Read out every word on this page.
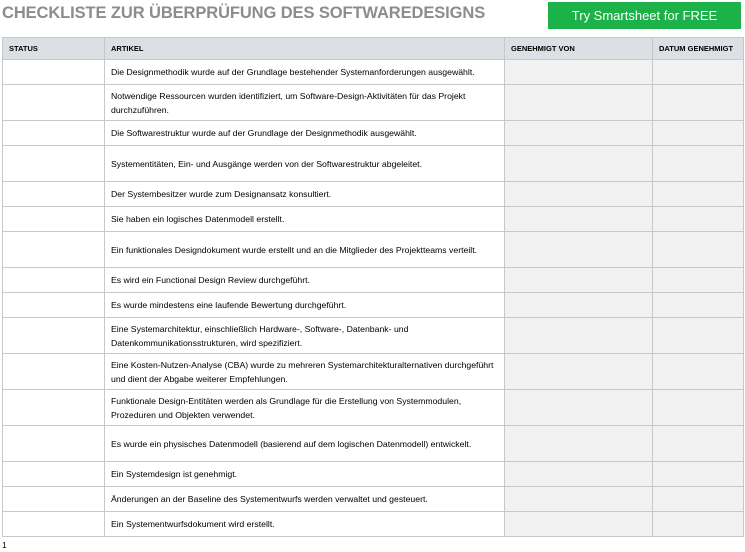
CHECKLISTE ZUR ÜBERPRÜFUNG DES SOFTWAREDESIGNS	Try Smartsheet for FREE
STATUS	ARTIKEL	GENEHMIGT VON	DATUM GENEHMIGT
	Die Designmethodik wurde auf der Grundlage bestehender Systemanforderungen ausgewählt.		
	Notwendige Ressourcen wurden identifiziert, um Software-Design-Aktivitäten für das Projekt durchzuführen.		
	Die Softwarestruktur wurde auf der Grundlage der Designmethodik ausgewählt.		
	Systementitäten, Ein- und Ausgänge werden von der Softwarestruktur abgeleitet.		
	Der Systembesitzer wurde zum Designansatz konsultiert.		
	Sie haben ein logisches Datenmodell erstellt.		
	Ein funktionales Designdokument wurde erstellt und an die Mitglieder des Projektteams verteilt.		
	Es wird ein Functional Design Review durchgeführt.		
	Es wurde mindestens eine laufende Bewertung durchgeführt.		
	Eine Systemarchitektur, einschließlich Hardware-, Software-, Datenbank- und Datenkommunikationsstrukturen, wird spezifiziert.		
	Eine Kosten-Nutzen-Analyse (CBA) wurde zu mehreren Systemarchitekturalternativen durchgeführt und dient der Abgabe weiterer Empfehlungen.		
	Funktionale Design-Entitäten werden als Grundlage für die Erstellung von Systemmodulen, Prozeduren und Objekten verwendet.		
	Es wurde ein physisches Datenmodell (basierend auf dem logischen Datenmodell) entwickelt.		
	Ein Systemdesign ist genehmigt.		
	Änderungen an der Baseline des Systementwurfs werden verwaltet und gesteuert.		
	Ein Systementwurfsdokument wird erstellt.		
1
